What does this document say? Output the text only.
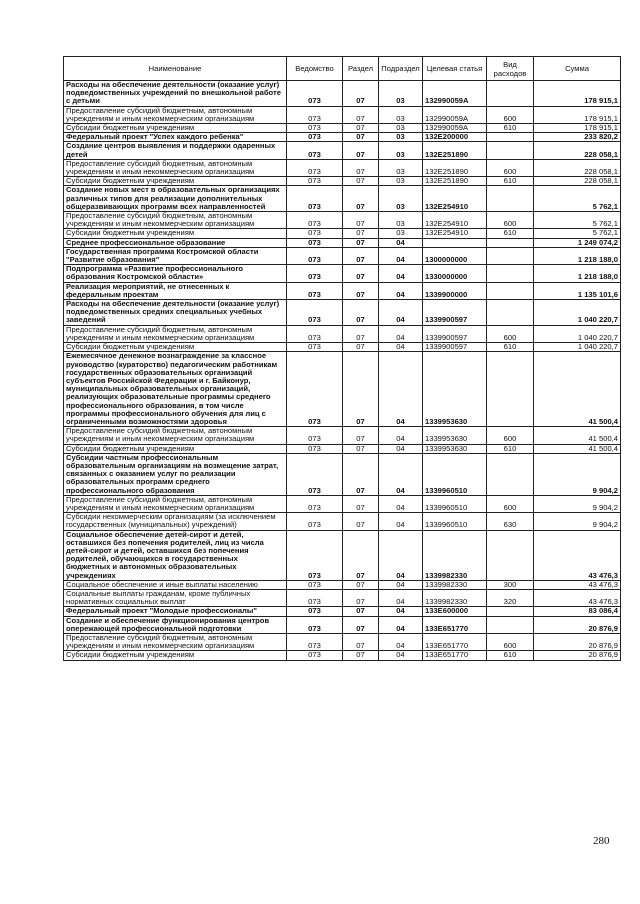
Наименование	Ведомство	Раздел	Подраздел	Целевая статья	Вид расходов	Сумма
Расходы на обеспечение деятельности (оказание услуг) подведомственных учреждений по внешкольной работе с детьми	073	07	03	132990059А		178 915,1
Предоставление субсидий бюджетным, автономным учреждениям и иным некоммерческим организациям	073	07	03	132990059А	600	178 915,1
Субсидии бюджетным учреждениям	073	07	03	132990059А	610	178 915,1
Федеральный проект "Успех каждого ребенка"	073	07	03	132E200000		233 820,2
Создание центров выявления и поддержки одаренных детей	073	07	03	132E251890		228 058,1
Предоставление субсидий бюджетным, автономным учреждениям и иным некоммерческим организациям	073	07	03	132E251890	600	228 058,1
Субсидии бюджетным учреждениям	073	07	03	132E251890	610	228 058,1
Создание новых мест в образовательных организациях различных типов для реализации дополнительных общеразвивающих программ всех направленностей	073	07	03	132E254910		5 762,1
Предоставление субсидий бюджетным, автономным учреждениям и иным некоммерческим организациям	073	07	03	132E254910	600	5 762,1
Субсидии бюджетным учреждениям	073	07	03	132E254910	610	5 762,1
Среднее профессиональное образование	073	07	04			1 249 074,2
Государственная программа Костромской области "Развитие образования"	073	07	04	1300000000		1 218 188,0
Подпрограмма «Развитие профессионального образования Костромской области»	073	07	04	1330000000		1 218 188,0
Реализация мероприятий, не отнесенных к федеральным проектам	073	07	04	1339900000		1 135 101,6
Расходы на обеспечение деятельности (оказание услуг) подведомственных средних специальных учебных заведений	073	07	04	1339900597		1 040 220,7
Предоставление субсидий бюджетным, автономным учреждениям и иным некоммерческим организациям	073	07	04	1339900597	600	1 040 220,7
Субсидии бюджетным учреждениям	073	07	04	1339900597	610	1 040 220,7
Ежемесячное денежное вознаграждение за классное руководство (кураторство) педагогическим работникам государственных образовательных организаций субъектов Российской Федерации и г. Байконур, муниципальных образовательных организаций, реализующих образовательные программы среднего профессионального образования, в том числе программы профессионального обучения для лиц с ограниченными возможностями здоровья	073	07	04	1339953630		41 500,4
Предоставление субсидий бюджетным, автономным учреждениям и иным некоммерческим организациям	073	07	04	1339953630	600	41 500,4
Субсидии бюджетным учреждениям	073	07	04	1339953630	610	41 500,4
Субсидии частным профессиональным образовательным организациям на возмещение затрат, связанных с оказанием услуг по реализации образовательных программ среднего профессионального образования	073	07	04	1339960510		9 904,2
Предоставление субсидий бюджетным, автономным учреждениям и иным некоммерческим организациям	073	07	04	1339960510	600	9 904,2
Субсидии некоммерческим организациям (за исключением государственных (муниципальных) учреждений)	073	07	04	1339960510	630	9 904,2
Социальное обеспечение детей-сирот и детей, оставшихся без попечения родителей, лиц из числа детей-сирот и детей, оставшихся без попечения родителей, обучающихся в государственных бюджетных и автономных образовательных учреждениях	073	07	04	1339982330		43 476,3
Социальное обеспечение и иные выплаты населению	073	07	04	1339982330	300	43 476,3
Социальные выплаты гражданам, кроме публичных нормативных социальных выплат	073	07	04	1339982330	320	43 476,3
Федеральный проект "Молодые профессионалы"	073	07	04	133E600000		83 086,4
Создание и обеспечение функционирования центров опережающей профессиональной подготовки	073	07	04	133E651770		20 876,9
Предоставление субсидий бюджетным, автономным учреждениям и иным некоммерческим организациям	073	07	04	133E651770	600	20 876,9
Субсидии бюджетным учреждениям	073	07	04	133E651770	610	20 876,9
280
